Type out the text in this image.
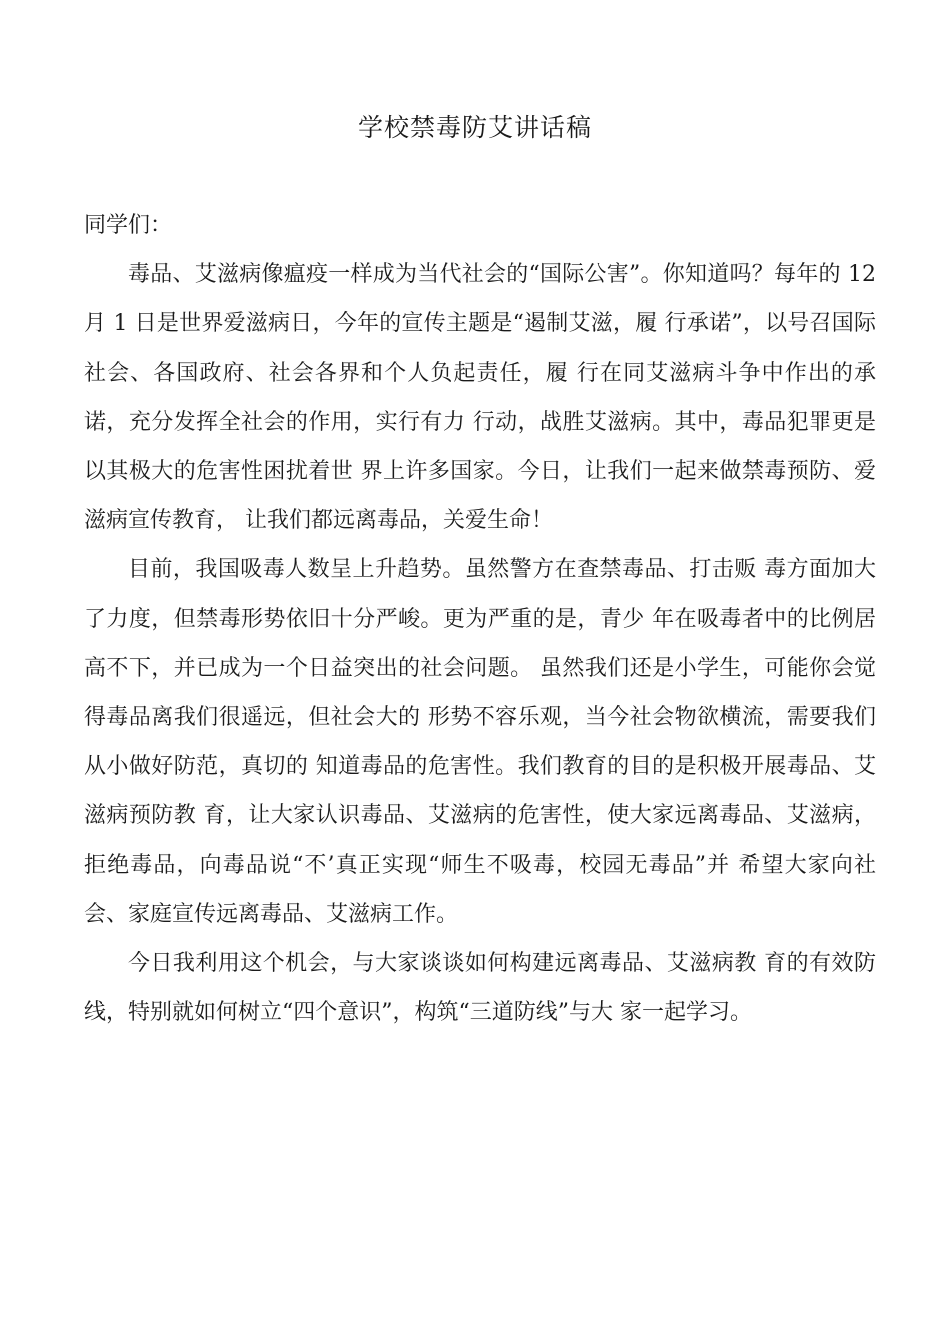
学校禁毒防艾讲话稿

同学们：

毒品、艾滋病像瘟疫一样成为当代社会的“国际公害”。你知道吗？每年的 12 月 1 日是世界爱滋病日，今年的宣传主题是“遏制艾滋，履 行承诺”，以号召国际社会、各国政府、社会各界和个人负起责任，履 行在同艾滋病斗争中作出的承诺，充分发挥全社会的作用，实行有力 行动，战胜艾滋病。其中，毒品犯罪更是以其极大的危害性困扰着世 界上许多国家。今日，让我们一起来做禁毒预防、爱滋病宣传教育， 让我们都远离毒品，关爱生命！

目前，我国吸毒人数呈上升趋势。虽然警方在查禁毒品、打击贩 毒方面加大了力度，但禁毒形势依旧十分严峻。更为严重的是，青少 年在吸毒者中的比例居高不下，并已成为一个日益突出的社会问题。 虽然我们还是小学生，可能你会觉得毒品离我们很遥远，但社会大的 形势不容乐观，当今社会物欲横流，需要我们从小做好防范，真切的 知道毒品的危害性。我们教育的目的是积极开展毒品、艾滋病预防教 育，让大家认识毒品、艾滋病的危害性，使大家远离毒品、艾滋病， 拒绝毒品，向毒品说“不’真正实现“师生不吸毒，校园无毒品”并 希望大家向社会、家庭宣传远离毒品、艾滋病工作。

今日我利用这个机会，与大家谈谈如何构建远离毒品、艾滋病教 育的有效防线，特别就如何树立“四个意识”，构筑“三道防线”与大 家一起学习。
